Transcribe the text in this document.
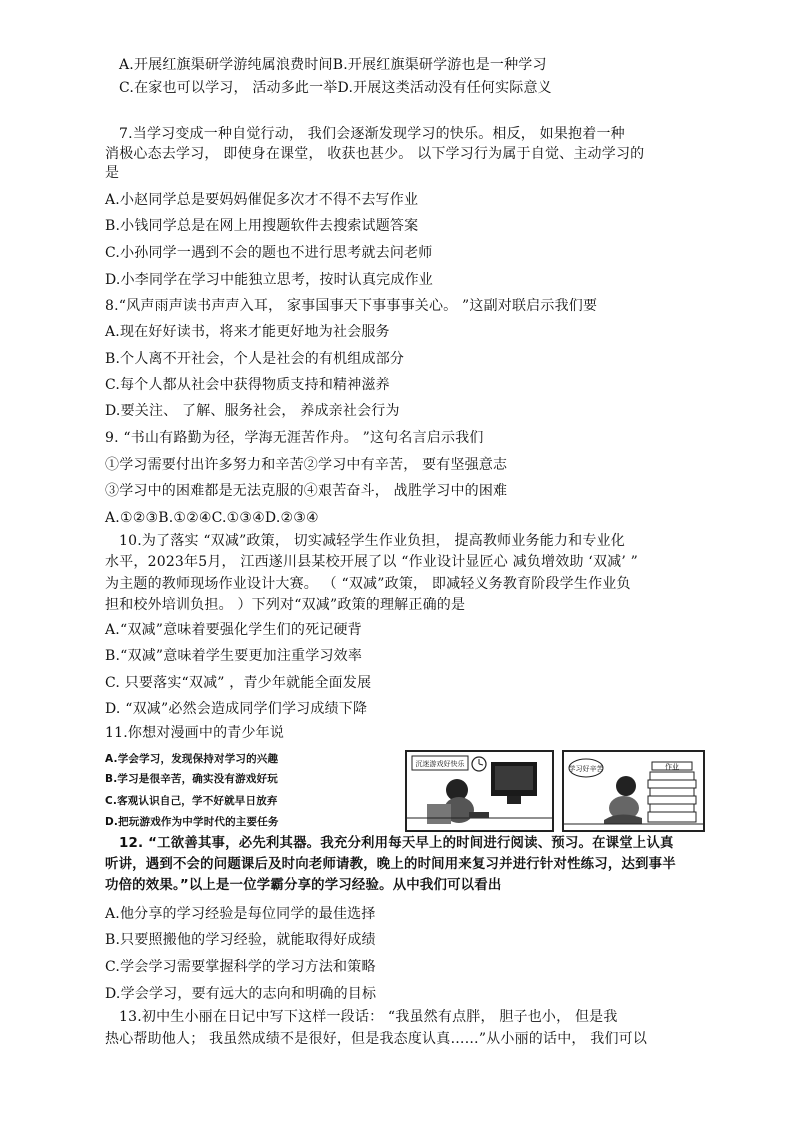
A.开展红旗渠研学游纯属浪费时间B.开展红旗渠研学游也是一种学习
C.在家也可以学习， 活动多此一举D.开展这类活动没有任何实际意义
7.当学习变成一种自觉行动， 我们会逐渐发现学习的快乐。相反， 如果抱着一种
消极心态去学习， 即使身在课堂， 收获也甚少。 以下学习行为属于自觉、主动学习的
是
A.小赵同学总是要妈妈催促多次才不得不去写作业
B.小钱同学总是在网上用搜题软件去搜索试题答案
C.小孙同学一遇到不会的题也不进行思考就去问老师
D.小李同学在学习中能独立思考，按时认真完成作业
8.“风声雨声读书声声入耳， 家事国事天下事事事关心。 ”这副对联启示我们要
A.现在好好读书，将来才能更好地为社会服务
B.个人离不开社会，个人是社会的有机组成部分
C.每个人都从社会中获得物质支持和精神滋养
D.要关注、 了解、服务社会， 养成亲社会行为
9. “书山有路勤为径，学海无涯苦作舟。 ”这句名言启示我们
①学习需要付出许多努力和辛苦②学习中有辛苦， 要有坚强意志
③学习中的困难都是无法克服的④艰苦奋斗， 战胜学习中的困难
A.①②③B.①②④C.①③④D.②③④
10.为了落实 “双减”政策， 切实减轻学生作业负担， 提高教师业务能力和专业化
水平，2023年5月， 江西遂川县某校开展了以 “作业设计显匠心 减负增效助 ‘双减’ ”
为主题的教师现场作业设计大赛。 （ “双减”政策， 即减轻义务教育阶段学生作业负
担和校外培训负担。 ）下列对“双减”政策的理解正确的是
A.“双减”意味着要强化学生们的死记硬背
B.“双减”意味着学生要更加注重学习效率
C. 只要落实“双减” ，青少年就能全面发展
D. “双减”必然会造成同学们学习成绩下降
11.你想对漫画中的青少年说
A.学会学习，发现保持对学习的兴趣
B.学习是很辛苦，确实没有游戏好玩
C.客观认识自己，学不好就早日放弃
D.把玩游戏作为中学时代的主要任务
沉迷游戏好快乐
学习好辛苦	作业
12. “工欲善其事，必先利其器。我充分利用每天早上的时间进行阅读、预习。在课堂上认真
听讲，遇到不会的问题课后及时向老师请教，晚上的时间用来复习并进行针对性练习，达到事半
功倍的效果。”以上是一位学霸分享的学习经验。从中我们可以看出
A.他分享的学习经验是每位同学的最佳选择
B.只要照搬他的学习经验，就能取得好成绩
C.学会学习需要掌握科学的学习方法和策略
D.学会学习，要有远大的志向和明确的目标
13.初中生小丽在日记中写下这样一段话： “我虽然有点胖， 胆子也小， 但是我
热心帮助他人； 我虽然成绩不是很好，但是我态度认真……”从小丽的话中， 我们可以
